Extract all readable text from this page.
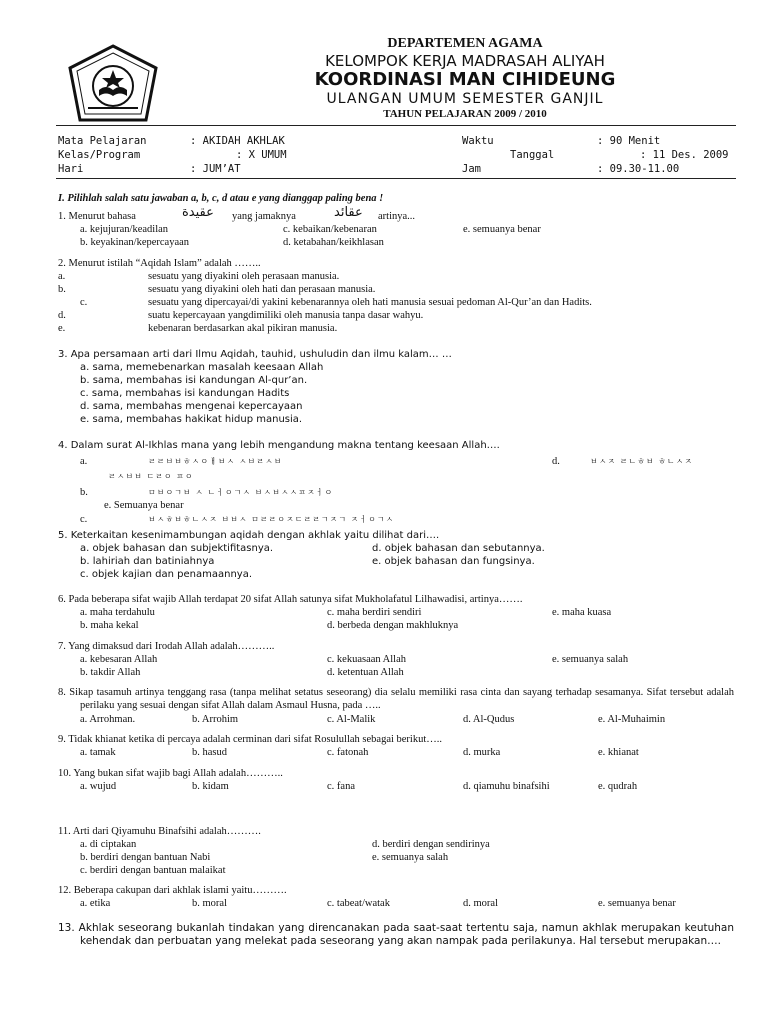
DEPARTEMEN AGAMA
KELOMPOK KERJA MADRASAH ALIYAH
KOORDINASI MAN CIHIDEUNG
ULANGAN UMUM SEMESTER GANJIL
TAHUN PELAJARAN 2009 / 2010
Mata Pelajaran	: AKIDAH AKHLAK	Waktu	: 90 Menit
Kelas/Program	: X UMUM	Tanggal	: 11 Des. 2009
Hari	: JUM’AT	Jam	: 09.30-11.00
I. Pilihlah salah satu jawaban a, b, c, d atau e yang dianggap paling bena !
1. Menurut bahasa	عقيدة yang jamaknya	عقائد artinya...
a. kejujuran/keadilan	c. kebaikan/kebenaran	e. semuanya benar
b. keyakinan/kepercayaan	d. ketabahan/keikhlasan
2. Menurut istilah “Aqidah Islam” adalah ……..
a.	sesuatu yang diyakini oleh perasaan manusia.
b.	sesuatu yang diyakini oleh hati dan perasaan manusia.
c.	sesuatu yang dipercayai/di yakini kebenarannya oleh hati manusia sesuai pedoman Al-Qur’an dan Hadits.
d.	suatu kepercayaan yangdimiliki oleh manusia tanpa dasar wahyu.
e.	kebenaran berdasarkan akal pikiran manusia.
3. Apa persamaan arti dari Ilmu Aqidah, tauhid, ushuludin dan ilmu kalam… …
a. sama, memebenarkan masalah keesaan Allah
b. sama, membahas isi kandungan Al-qur’an.
c. sama, membahas isi kandungan Hadits
d. sama, membahas mengenai kepercayaan
e. sama, membahas hakikat hidup manusia.
4. Dalam surat Al-Ikhlas mana yang lebih mengandung makna tentang keesaan Allah….
a.	ㄹㄹㅂㅂㅎㅅㅇㅐㅂㅅ ㅅㅂㄹㅅㅂ	d.	ㅂㅅㅈ ㄹㄴㅎㅂ ㅎㄴㅅㅈ
ㄹㅅㅂㅂ ㄷㄹㅇ ㅍㅇ
b.	ㅁㅂㅇㄱㅂ ㅅ ㄴㅓㅇㄱㅅ ㅂㅅㅂㅅㅅㅍㅈㅓㅇ
e. Semuanya benar
c.	ㅂㅅㅎㅂㅎㄴㅅㅈ ㅂㅂㅅ ㅁㄹㄹㅇㅈㄷㄹㄹㄱㅈㄱ ㅈㅓㅇㄱㅅ
5. Keterkaitan kesenimambungan aqidah dengan akhlak yaitu dilihat dari….
a. objek bahasan dan subjektifitasnya.	d. objek bahasan dan sebutannya.
b. lahiriah dan batiniahnya	e. objek bahasan dan fungsinya.
c. objek kajian dan penamaannya.
6. Pada beberapa sifat wajib Allah terdapat 20 sifat Allah satunya sifat Mukholafatul Lilhawadisi, artinya…….
a. maha terdahulu	c. maha berdiri sendiri	e. maha kuasa
b. maha kekal	d. berbeda dengan makhluknya
7. Yang dimaksud dari Irodah Allah adalah………..
a. kebesaran Allah	c. kekuasaan Allah	e. semuanya salah
b. takdir Allah	d. ketentuan Allah
8. Sikap tasamuh artinya tenggang rasa (tanpa melihat setatus seseorang) dia selalu memiliki rasa cinta dan sayang terhadap sesamanya. Sifat tersebut adalah perilaku yang sesuai dengan sifat Allah dalam Asmaul Husna, pada …..
a. Arrohman.	b. Arrohim	c. Al-Malik	d. Al-Qudus	e. Al-Muhaimin
9. Tidak khianat ketika di percaya adalah cerminan dari sifat Rosulullah sebagai berikut…..
a. tamak	b. hasud	c. fatonah	d. murka	e. khianat
10. Yang bukan sifat wajib bagi Allah adalah………..
a. wujud	b. kidam	c. fana	d. qiamuhu binafsihi	e. qudrah
11. Arti dari Qiyamuhu Binafsihi adalah……….
a. di ciptakan	d. berdiri dengan sendirinya
b. berdiri dengan bantuan Nabi	e. semuanya salah
c. berdiri dengan bantuan malaikat
12. Beberapa cakupan dari akhlak islami yaitu……….
a. etika	b. moral	c. tabeat/watak	d. moral	e. semuanya benar
13. Akhlak seseorang bukanlah tindakan yang direncanakan pada saat-saat tertentu saja, namun akhlak merupakan keutuhan kehendak dan perbuatan yang melekat pada seseorang yang akan nampak pada perilakunya. Hal tersebut merupakan….
